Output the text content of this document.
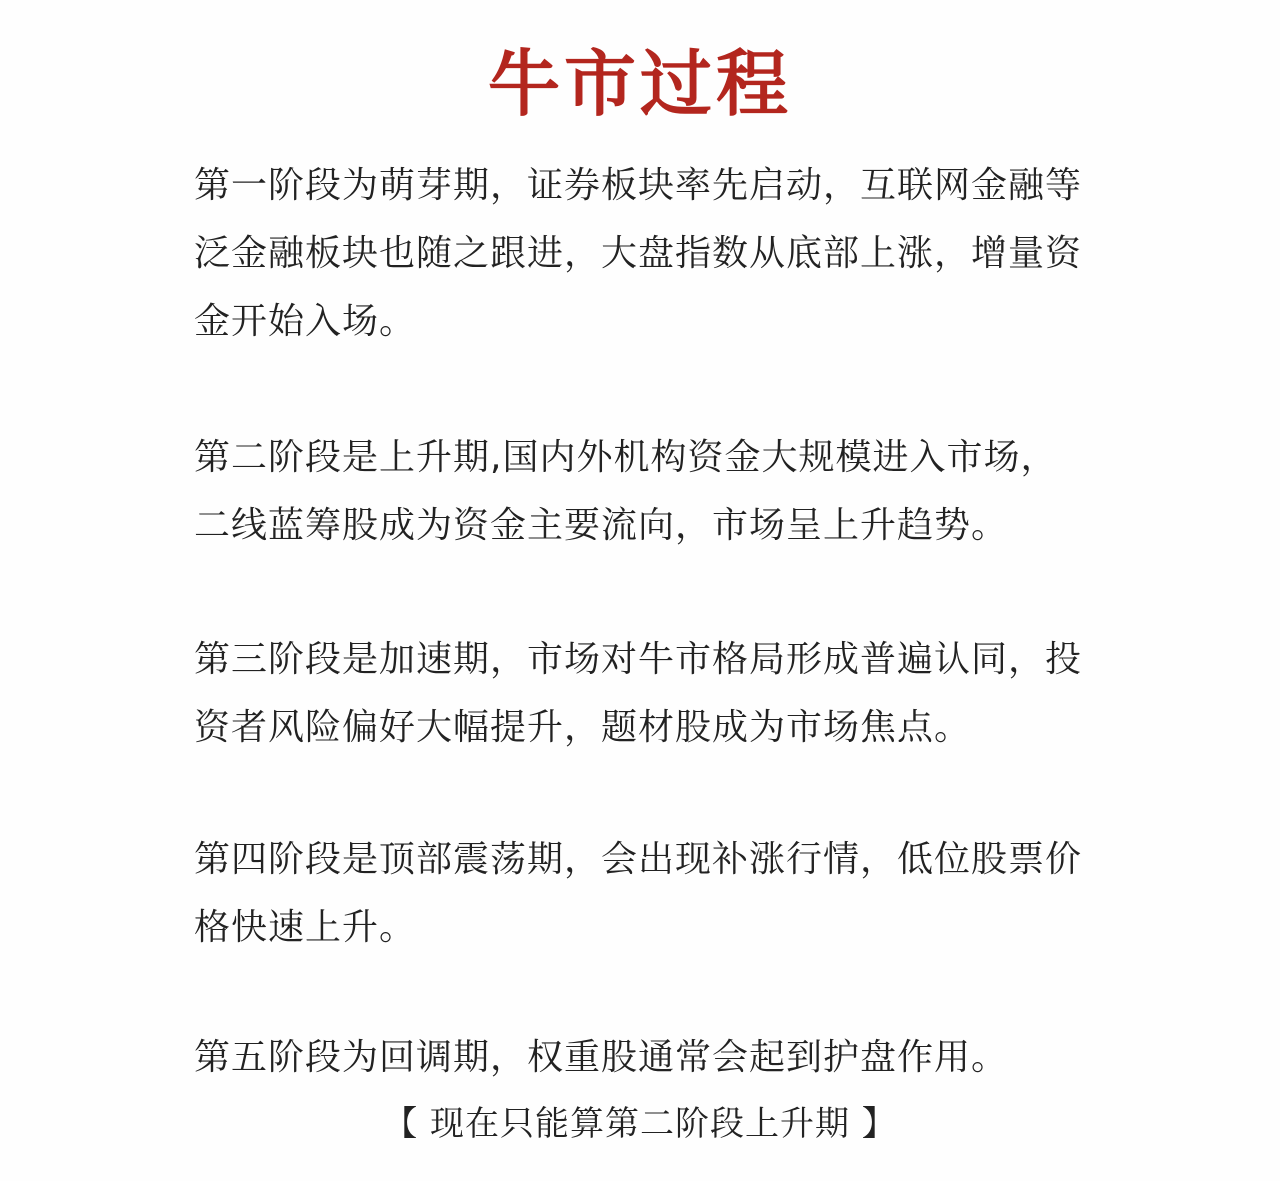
牛市过程

第一阶段为萌芽期，证券板块率先启动，互联网金融等泛金融板块也随之跟进，大盘指数从底部上涨，增量资金开始入场。

第二阶段是上升期,国内外机构资金大规模进入市场，二线蓝筹股成为资金主要流向，市场呈上升趋势。

第三阶段是加速期，市场对牛市格局形成普遍认同，投资者风险偏好大幅提升，题材股成为市场焦点。

第四阶段是顶部震荡期，会出现补涨行情，低位股票价格快速上升。

第五阶段为回调期，权重股通常会起到护盘作用。

【 现在只能算第二阶段上升期 】
